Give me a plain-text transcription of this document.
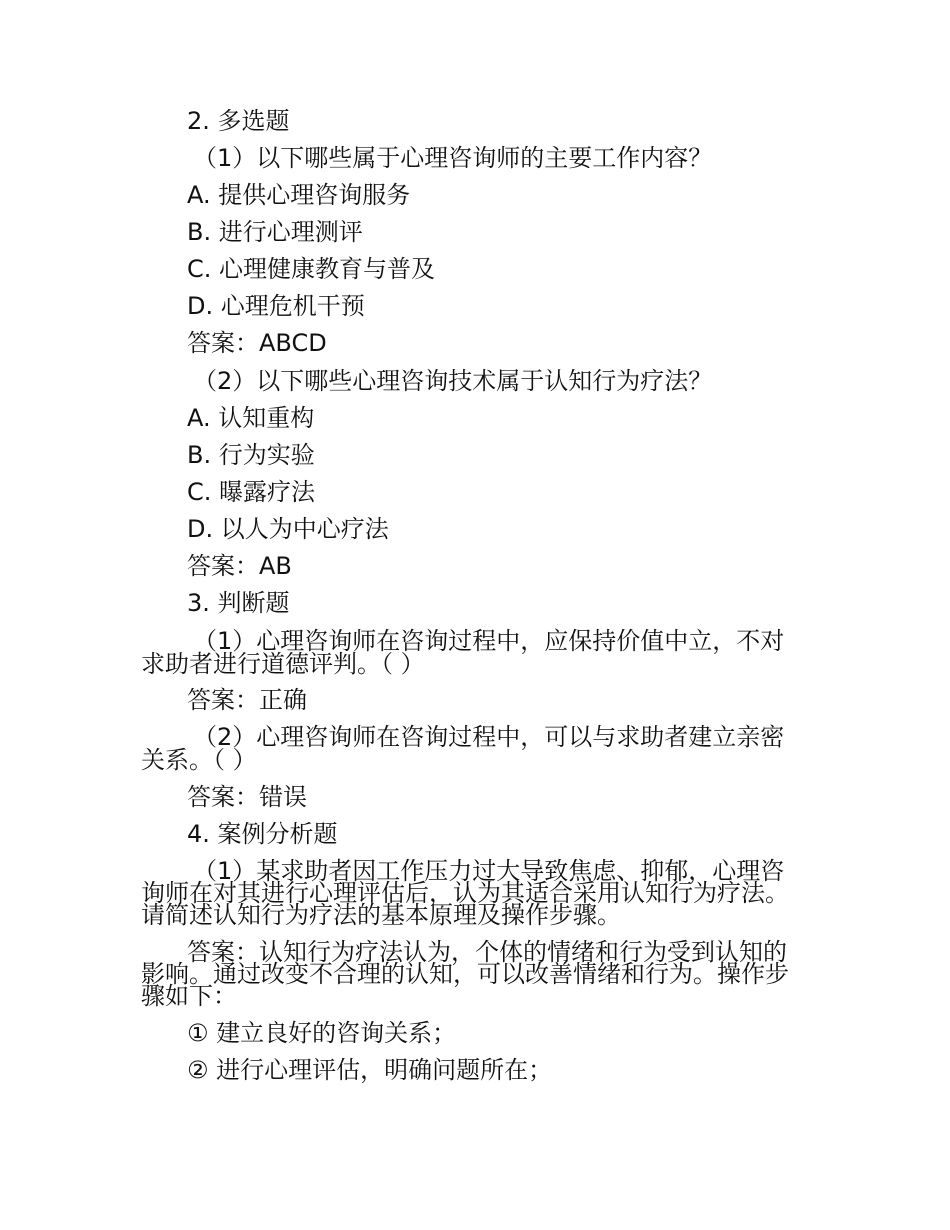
2. 多选题
（1）以下哪些属于心理咨询师的主要工作内容？
A. 提供心理咨询服务
B. 进行心理测评
C. 心理健康教育与普及
D. 心理危机干预
答案：ABCD
（2）以下哪些心理咨询技术属于认知行为疗法？
A. 认知重构
B. 行为实验
C. 曝露疗法
D. 以人为中心疗法
答案：AB
3. 判断题
（1）心理咨询师在咨询过程中，应保持价值中立，不对
求助者进行道德评判。（ ）
答案：正确
（2）心理咨询师在咨询过程中，可以与求助者建立亲密
关系。（ ）
答案：错误
4. 案例分析题
（1）某求助者因工作压力过大导致焦虑、抑郁，心理咨
询师在对其进行心理评估后，认为其适合采用认知行为疗法。
请简述认知行为疗法的基本原理及操作步骤。
答案：认知行为疗法认为，个体的情绪和行为受到认知的
影响。通过改变不合理的认知，可以改善情绪和行为。操作步
骤如下：
① 建立良好的咨询关系；
② 进行心理评估，明确问题所在；
